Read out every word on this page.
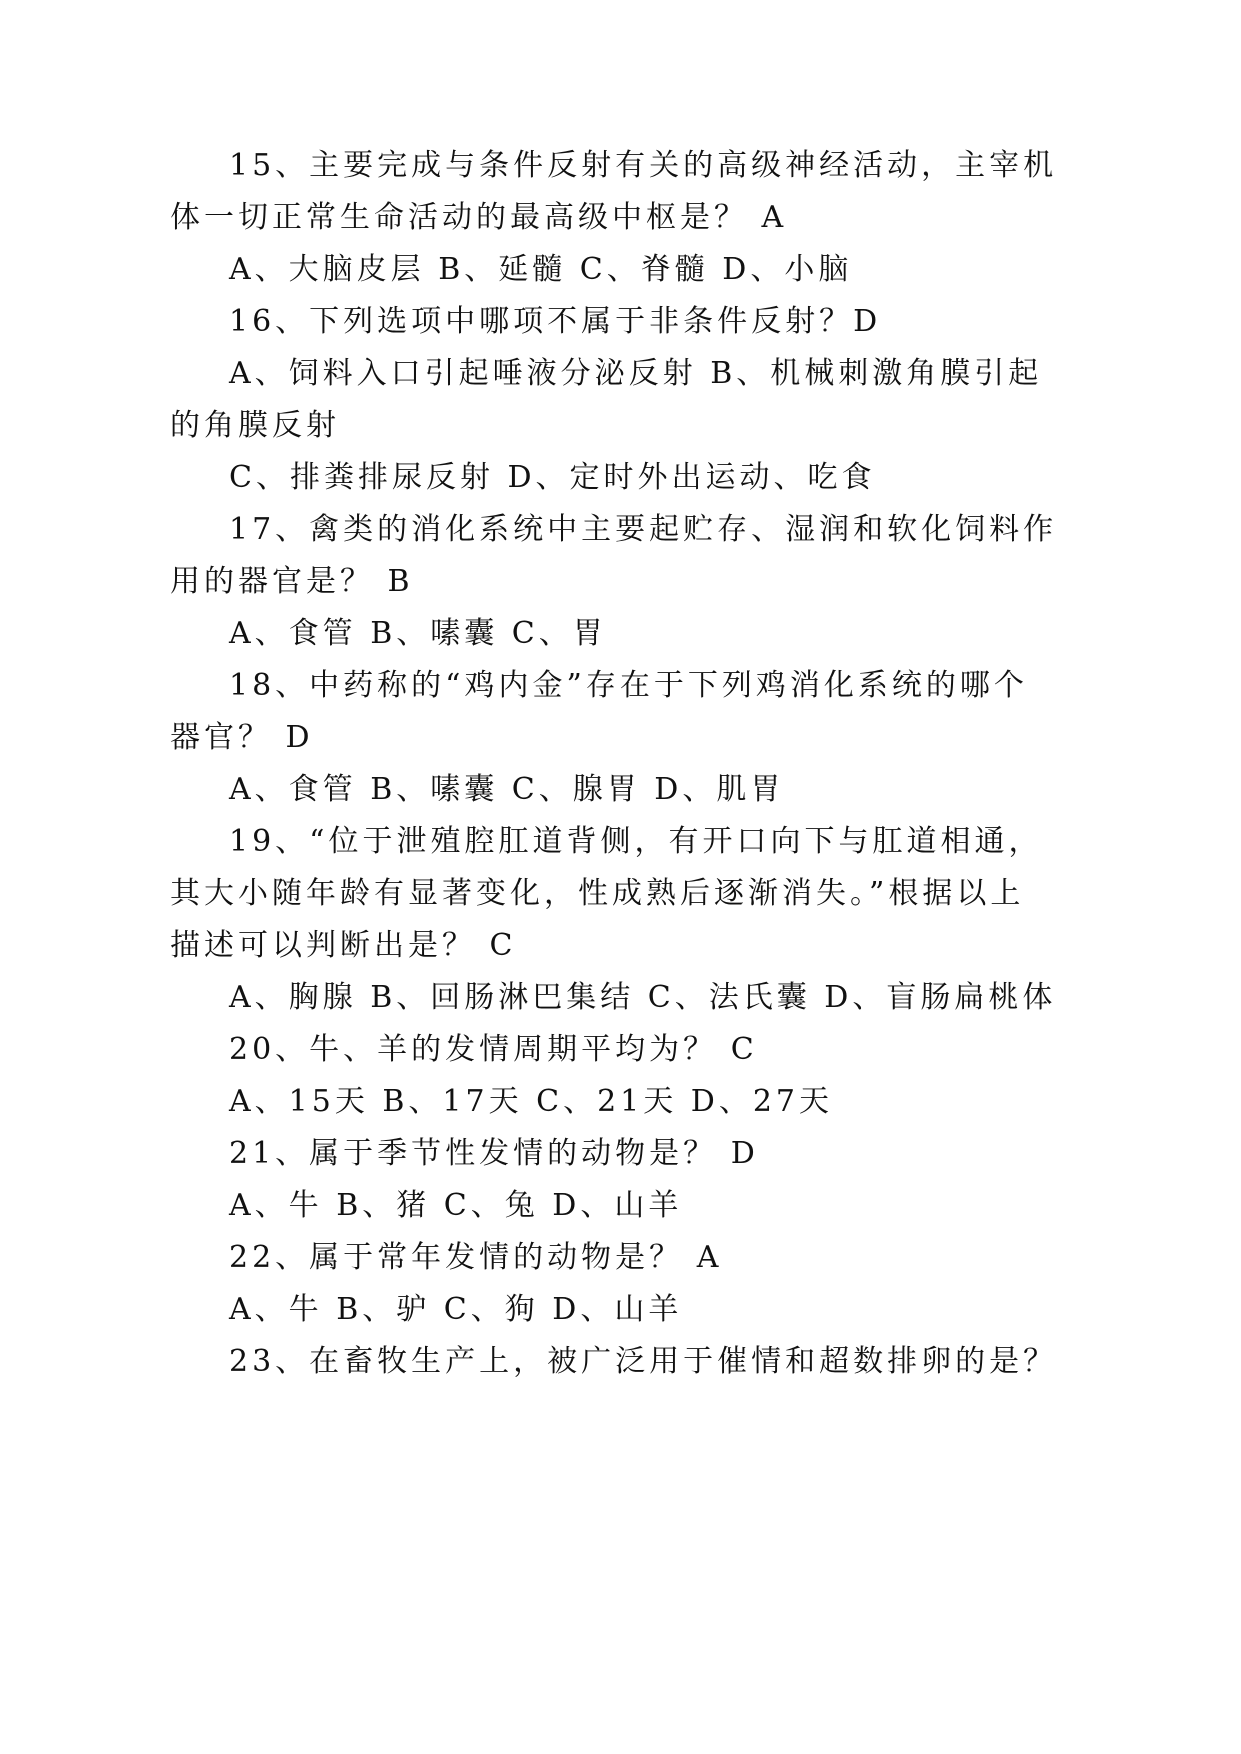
15、主要完成与条件反射有关的高级神经活动，主宰机
体一切正常生命活动的最高级中枢是？ A
A、大脑皮层 B、延髓 C、脊髓 D、小脑
16、下列选项中哪项不属于非条件反射？D
A、饲料入口引起唾液分泌反射 B、机械刺激角膜引起
的角膜反射
C、排粪排尿反射 D、定时外出运动、吃食
17、禽类的消化系统中主要起贮存、湿润和软化饲料作
用的器官是？ B
A、食管 B、嗉囊 C、胃
18、中药称的“鸡内金”存在于下列鸡消化系统的哪个
器官？ D
A、食管 B、嗉囊 C、腺胃 D、肌胃
19、“位于泄殖腔肛道背侧，有开口向下与肛道相通，
其大小随年龄有显著变化，性成熟后逐渐消失。”根据以上
描述可以判断出是？ C
A、胸腺 B、回肠淋巴集结 C、法氏囊 D、盲肠扁桃体
20、牛、羊的发情周期平均为？ C
A、15天 B、17天 C、21天 D、27天
21、属于季节性发情的动物是？ D
A、牛 B、猪 C、兔 D、山羊
22、属于常年发情的动物是？ A
A、牛 B、驴 C、狗 D、山羊
23、在畜牧生产上，被广泛用于催情和超数排卵的是？
